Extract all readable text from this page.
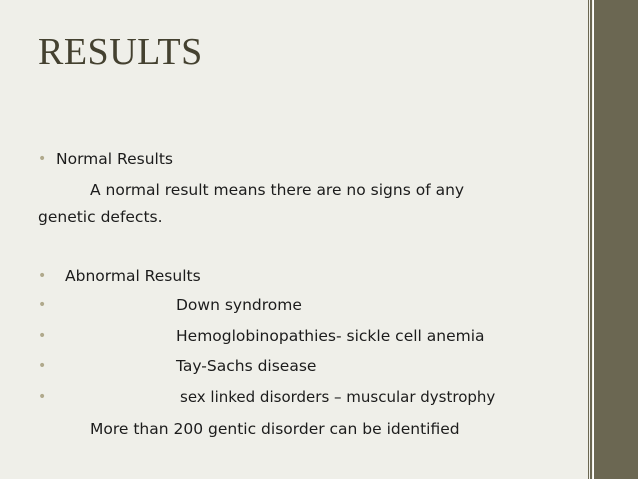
RESULTS
• Normal Results
A normal result means there are no signs of any
genetic defects.
• Abnormal Results
•	Down syndrome
•	Hemoglobinopathies- sickle cell anemia
•	Tay-Sachs disease
•	sex linked disorders – muscular dystrophy
More than 200 gentic disorder can be identified
